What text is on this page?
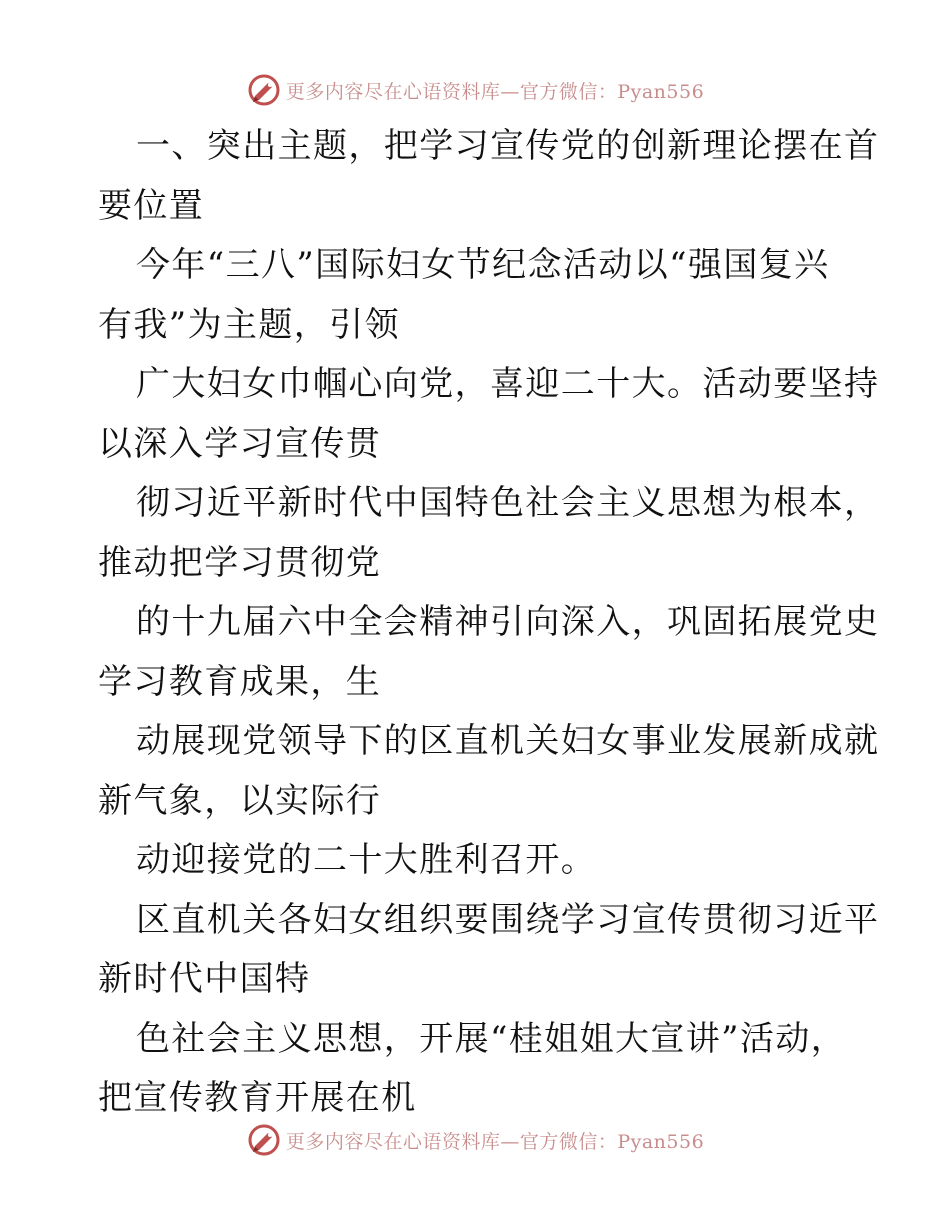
更多内容尽在心语资料库—官方微信：Pyan556
一、突出主题，把学习宣传党的创新理论摆在首
要位置
今年“三八”国际妇女节纪念活动以“强国复兴
有我”为主题，引领
广大妇女巾帼心向党，喜迎二十大。活动要坚持
以深入学习宣传贯
彻习近平新时代中国特色社会主义思想为根本，
推动把学习贯彻党
的十九届六中全会精神引向深入，巩固拓展党史
学习教育成果，生
动展现党领导下的区直机关妇女事业发展新成就
新气象，以实际行
动迎接党的二十大胜利召开。
区直机关各妇女组织要围绕学习宣传贯彻习近平
新时代中国特
色社会主义思想，开展“桂姐姐大宣讲”活动，
把宣传教育开展在机
更多内容尽在心语资料库—官方微信：Pyan556
